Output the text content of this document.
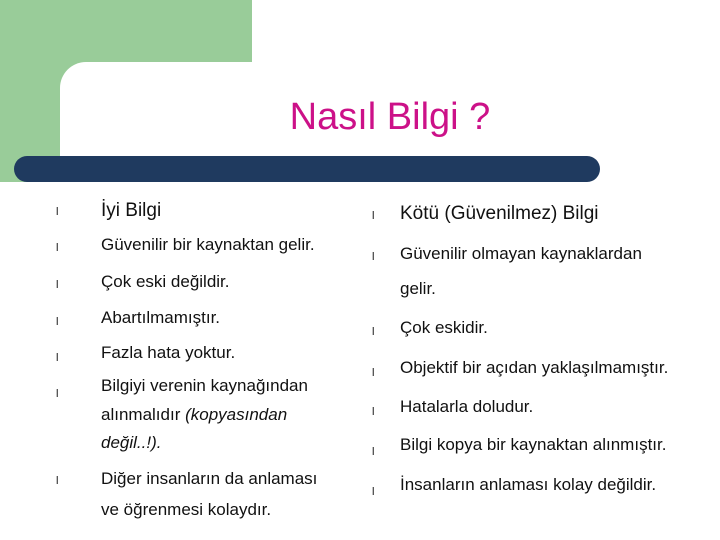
Nasıl Bilgi ?
l İyi Bilgi
l	Güvenilir bir kaynaktan gelir.
l	Çok eski değildir.
l	Abartılmamıştır.
l	Fazla hata yoktur.
l	Bilgiyi verenin kaynağından
alınmalıdır (kopyasından
değil..!).
l	Diğer insanların da anlaması
ve öğrenmesi kolaydır.
l Kötü (Güvenilmez) Bilgi
l Güvenilir olmayan kaynaklardan
gelir.
l Çok eskidir.
l Objektif bir açıdan yaklaşılmamıştır.
l Hatalarla doludur.
l Bilgi kopya bir kaynaktan alınmıştır.
l İnsanların anlaması kolay değildir.
